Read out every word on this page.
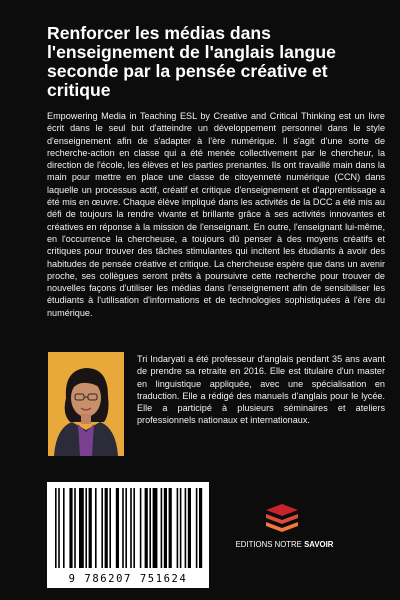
Renforcer les médias dans l'enseignement de l'anglais langue seconde par la pensée créative et critique

Empowering Media in Teaching ESL by Creative and Critical Thinking est un livre écrit dans le seul but d'atteindre un développement personnel dans le style d'enseignement afin de s'adapter à l'ère numérique. Il s'agit d'une sorte de recherche-action en classe qui a été menée collectivement par le chercheur, la direction de l'école, les élèves et les parties prenantes. Ils ont travaillé main dans la main pour mettre en place une classe de citoyenneté numérique (CCN) dans laquelle un processus actif, créatif et critique d'enseignement et d'apprentissage a été mis en œuvre. Chaque élève impliqué dans les activités de la DCC a été mis au défi de toujours la rendre vivante et brillante grâce à ses activités innovantes et créatives en réponse à la mission de l'enseignant. En outre, l'enseignant lui-même, en l'occurrence la chercheuse, a toujours dû penser à des moyens créatifs et critiques pour trouver des tâches stimulantes qui incitent les étudiants à avoir des habitudes de pensée créative et critique. La chercheuse espère que dans un avenir proche, ses collègues seront prêts à poursuivre cette recherche pour trouver de nouvelles façons d'utiliser les médias dans l'enseignement afin de sensibiliser les étudiants à l'utilisation d'informations et de technologies sophistiquées à l'ère du numérique.

Tri Indaryati a été professeur d'anglais pendant 35 ans avant de prendre sa retraite en 2016. Elle est titulaire d'un master en linguistique appliquée, avec une spécialisation en traduction. Elle a rédigé des manuels d'anglais pour le lycée. Elle a participé à plusieurs séminaires et ateliers professionnels nationaux et internationaux.

9 786207 751624
EDITIONS NOTRE SAVOIR
